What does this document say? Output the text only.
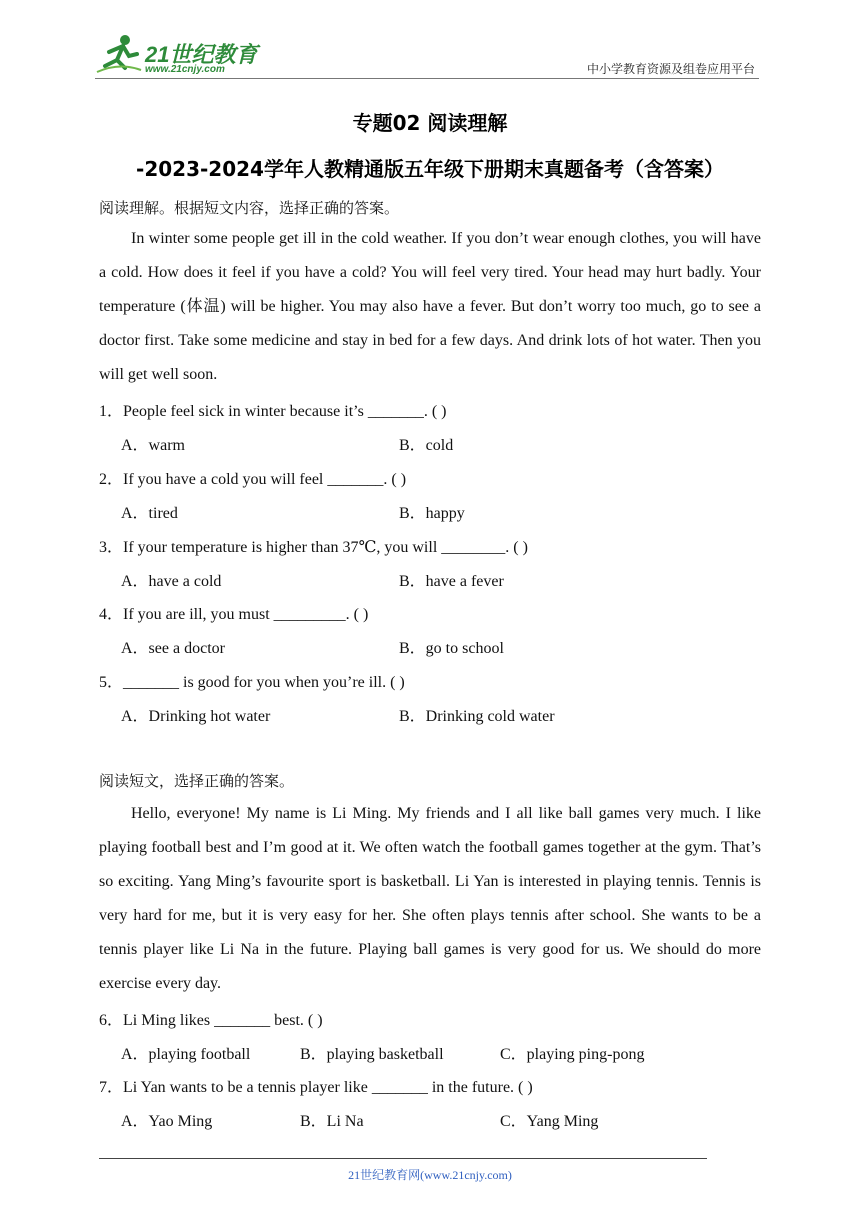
21世纪教育
www.21cnjy.com	中小学教育资源及组卷应用平台
专题02 阅读理解
-2023-2024学年人教精通版五年级下册期末真题备考（含答案）
阅读理解。根据短文内容，选择正确的答案。
In winter some people get ill in the cold weather. If you don’t wear enough clothes, you will have a cold. How does it feel if you have a cold? You will feel very tired. Your head may hurt badly. Your temperature (体温) will be higher. You may also have a fever. But don’t worry too much, go to see a doctor first. Take some medicine and stay in bed for a few days. And drink lots of hot water. Then you will get well soon.
1．People feel sick in winter because it’s _______. ( )
A．warm	B．cold
2．If you have a cold you will feel _______. ( )
A．tired	B．happy
3．If your temperature is higher than 37℃, you will ________. ( )
A．have a cold	B．have a fever
4．If you are ill, you must _________. ( )
A．see a doctor	B．go to school
5．_______ is good for you when you’re ill. ( )
A．Drinking hot water	B．Drinking cold water
阅读短文，选择正确的答案。
Hello, everyone! My name is Li Ming. My friends and I all like ball games very much. I like playing football best and I’m good at it. We often watch the football games together at the gym. That’s so exciting. Yang Ming’s favourite sport is basketball. Li Yan is interested in playing tennis. Tennis is very hard for me, but it is very easy for her. She often plays tennis after school. She wants to be a tennis player like Li Na in the future. Playing ball games is very good for us. We should do more exercise every day.
6．Li Ming likes _______ best. ( )
A．playing football	B．playing basketball	C．playing ping-pong
7．Li Yan wants to be a tennis player like _______ in the future. ( )
A．Yao Ming	B．Li Na	C．Yang Ming
21世纪教育网(www.21cnjy.com)
